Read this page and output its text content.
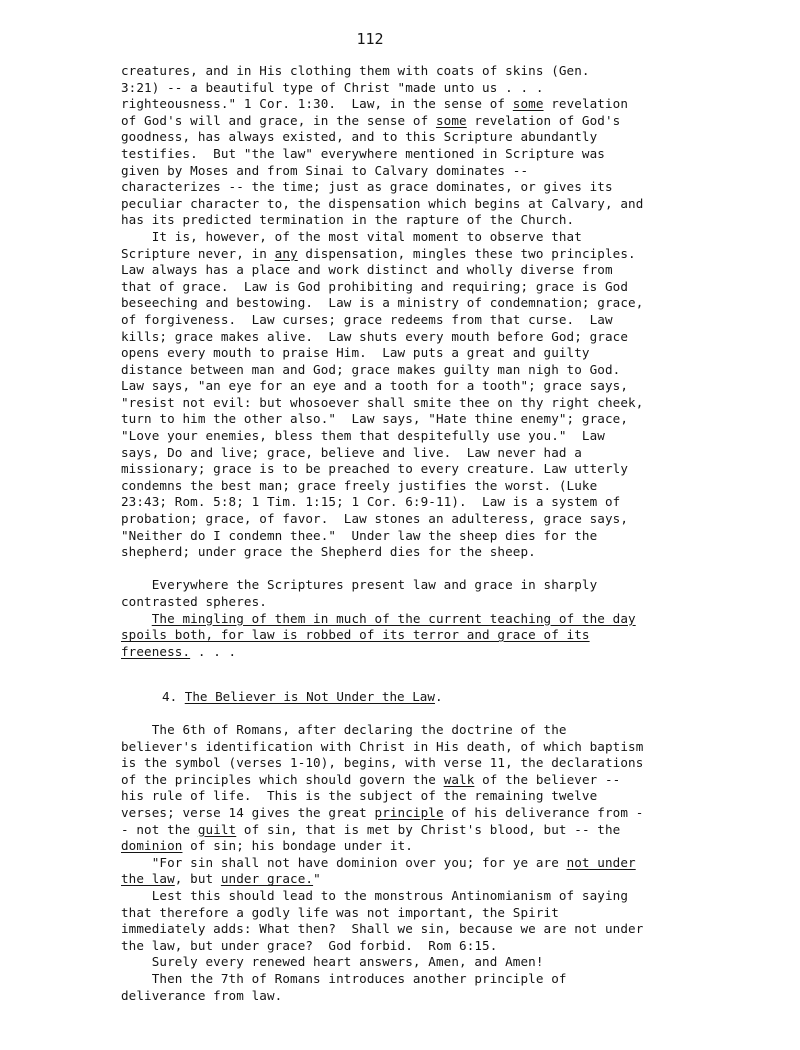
112
creatures, and in His clothing them with coats of skins (Gen.
3:21) -- a beautiful type of Christ "made unto us . . .
righteousness." 1 Cor. 1:30.  Law, in the sense of some revelation
of God's will and grace, in the sense of some revelation of God's
goodness, has always existed, and to this Scripture abundantly
testifies.  But "the law" everywhere mentioned in Scripture was
given by Moses and from Sinai to Calvary dominates --
characterizes -- the time; just as grace dominates, or gives its
peculiar character to, the dispensation which begins at Calvary, and
has its predicted termination in the rapture of the Church.
It is, however, of the most vital moment to observe that
Scripture never, in any dispensation, mingles these two principles.
Law always has a place and work distinct and wholly diverse from
that of grace.  Law is God prohibiting and requiring; grace is God
beseeching and bestowing.  Law is a ministry of condemnation; grace,
of forgiveness.  Law curses; grace redeems from that curse.  Law
kills; grace makes alive.  Law shuts every mouth before God; grace
opens every mouth to praise Him.  Law puts a great and guilty
distance between man and God; grace makes guilty man nigh to God.
Law says, "an eye for an eye and a tooth for a tooth"; grace says,
"resist not evil: but whosoever shall smite thee on thy right cheek,
turn to him the other also."  Law says, "Hate thine enemy"; grace,
"Love your enemies, bless them that despitefully use you."  Law
says, Do and live; grace, believe and live.  Law never had a
missionary; grace is to be preached to every creature. Law utterly
condemns the best man; grace freely justifies the worst. (Luke
23:43; Rom. 5:8; 1 Tim. 1:15; 1 Cor. 6:9-11).  Law is a system of
probation; grace, of favor.  Law stones an adulteress, grace says,
"Neither do I condemn thee."  Under law the sheep dies for the
shepherd; under grace the Shepherd dies for the sheep.
Everywhere the Scriptures present law and grace in sharply
contrasted spheres.
The mingling of them in much of the current teaching of the day
spoils both, for law is robbed of its terror and grace of its
freeness. . . .
4. The Believer is Not Under the Law.
The 6th of Romans, after declaring the doctrine of the
believer's identification with Christ in His death, of which baptism
is the symbol (verses 1-10), begins, with verse 11, the declarations
of the principles which should govern the walk of the believer --
his rule of life.  This is the subject of the remaining twelve
verses; verse 14 gives the great principle of his deliverance from -
- not the guilt of sin, that is met by Christ's blood, but -- the
dominion of sin; his bondage under it.
"For sin shall not have dominion over you; for ye are not under
the law, but under grace."
Lest this should lead to the monstrous Antinomianism of saying
that therefore a godly life was not important, the Spirit
immediately adds: What then?  Shall we sin, because we are not under
the law, but under grace?  God forbid.  Rom 6:15.
Surely every renewed heart answers, Amen, and Amen!
Then the 7th of Romans introduces another principle of
deliverance from law.
